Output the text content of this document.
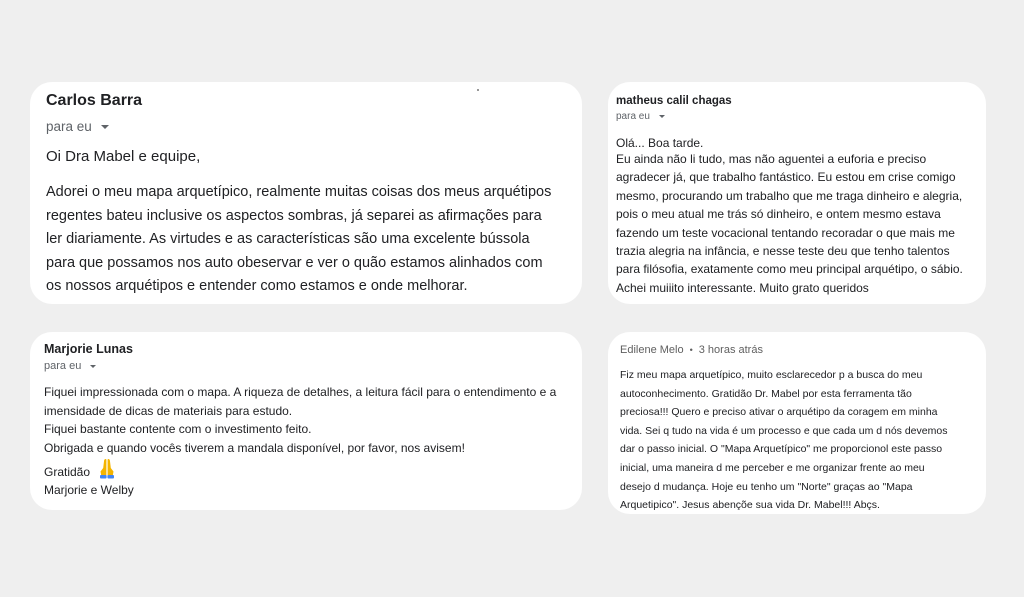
Carlos Barra
para eu

Oi Dra Mabel e equipe,

Adorei o meu mapa arquetípico, realmente muitas coisas dos meus arquétipos
regentes bateu inclusive os aspectos sombras, já separei as afirmações para
ler diariamente. As virtudes e as características são uma excelente bússola
para que possamos nos auto obeservar e ver o quão estamos alinhados com
os nossos arquétipos e entender como estamos e onde melhorar.

matheus calil chagas
para eu

Olá... Boa tarde.

Eu ainda não li tudo, mas não aguentei a euforia e preciso
agradecer já, que trabalho fantástico. Eu estou em crise comigo
mesmo, procurando um trabalho que me traga dinheiro e alegria,
pois o meu atual me trás só dinheiro, e ontem mesmo estava
fazendo um teste vocacional tentando recoradar o que mais me
trazia alegria na infância, e nesse teste deu que tenho talentos
para filósofia, exatamente como meu principal arquétipo, o sábio.
Achei muiiito interessante. Muito grato queridos

Marjorie Lunas
para eu

Fiquei impressionada com o mapa. A riqueza de detalhes, a leitura fácil para o entendimento e a
imensidade de dicas de materiais para estudo.
Fiquei bastante contente com o investimento feito.
Obrigada e quando vocês tiverem a mandala disponível, por favor, nos avisem!

Gratidão

Marjorie e Welby

Edilene Melo • 3 horas atrás

Fiz meu mapa arquetípico, muito esclarecedor p a busca do meu
autoconhecimento. Gratidão Dr. Mabel por esta ferramenta tão
preciosa!!! Quero e preciso ativar o arquétipo da coragem em minha
vida. Sei q tudo na vida é um processo e que cada um d nós devemos
dar o passo inicial. O "Mapa Arquetípico" me proporcionol este passo
inicial, uma maneira d me perceber e me organizar frente ao meu
desejo d mudança. Hoje eu tenho um "Norte" graças ao "Mapa
Arquetipico". Jesus abençõe sua vida Dr. Mabel!!! Abçs.
